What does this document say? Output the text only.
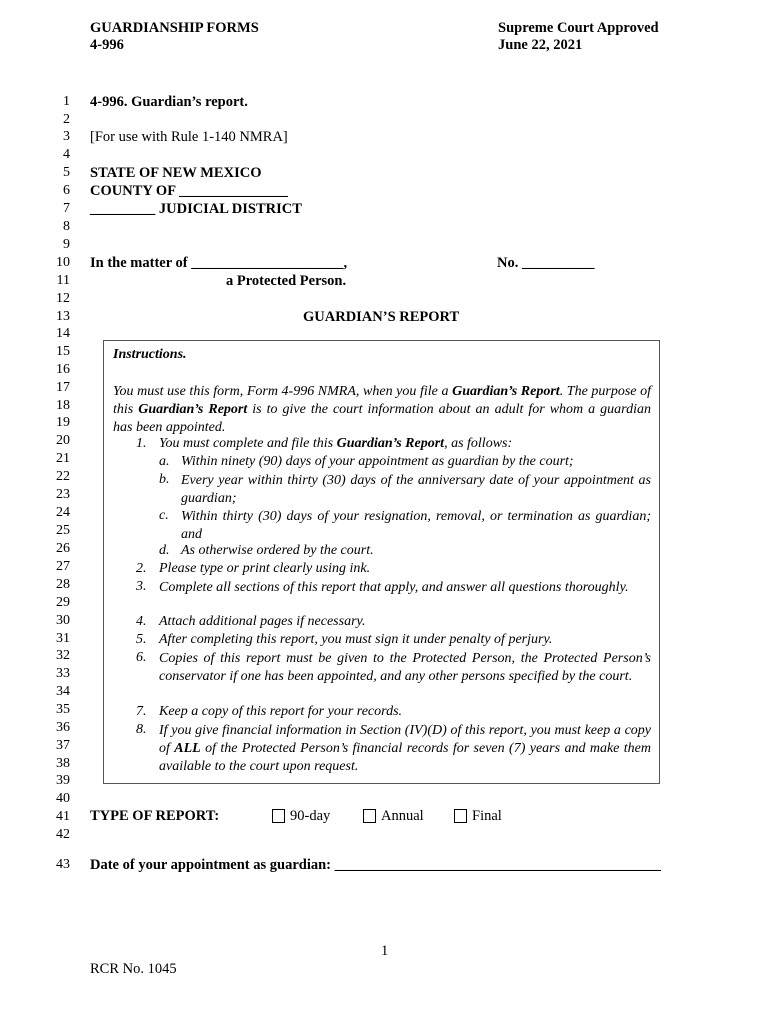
GUARDIANSHIP FORMS
4-996
Supreme Court Approved
June 22, 2021
1
2
3
4
5
6
7
8
9
10
11
12
13
14
15
16
17
18
19
20
21
22
23
24
25
26
27
28
29
30
31
32
33
34
35
36
37
38
39
40
41
42
43
4-996. Guardian’s report.
[For use with Rule 1-140 NMRA]
STATE OF NEW MEXICO
COUNTY OF _______________
_________ JUDICIAL DISTRICT
In the matter of _____________________,	No. __________
a Protected Person.
GUARDIAN’S REPORT
Instructions.
You must use this form, Form 4-996 NMRA, when you file a Guardian’s Report. The purpose of this Guardian’s Report is to give the court information about an adult for whom a guardian has been appointed.
1. You must complete and file this Guardian’s Report, as follows:
a. Within ninety (90) days of your appointment as guardian by the court;
b. Every year within thirty (30) days of the anniversary date of your appointment as guardian;
c. Within thirty (30) days of your resignation, removal, or termination as guardian; and
d. As otherwise ordered by the court.
2. Please type or print clearly using ink.
3. Complete all sections of this report that apply, and answer all questions thoroughly.
4. Attach additional pages if necessary.
5. After completing this report, you must sign it under penalty of perjury.
6. Copies of this report must be given to the Protected Person, the Protected Person’s conservator if one has been appointed, and any other persons specified by the court.
7. Keep a copy of this report for your records.
8. If you give financial information in Section (IV)(D) of this report, you must keep a copy of ALL of the Protected Person’s financial records for seven (7) years and make them available to the court upon request.
TYPE OF REPORT:	90-day	Annual	Final
Date of your appointment as guardian: _____________________________________________
1
RCR No. 1045
